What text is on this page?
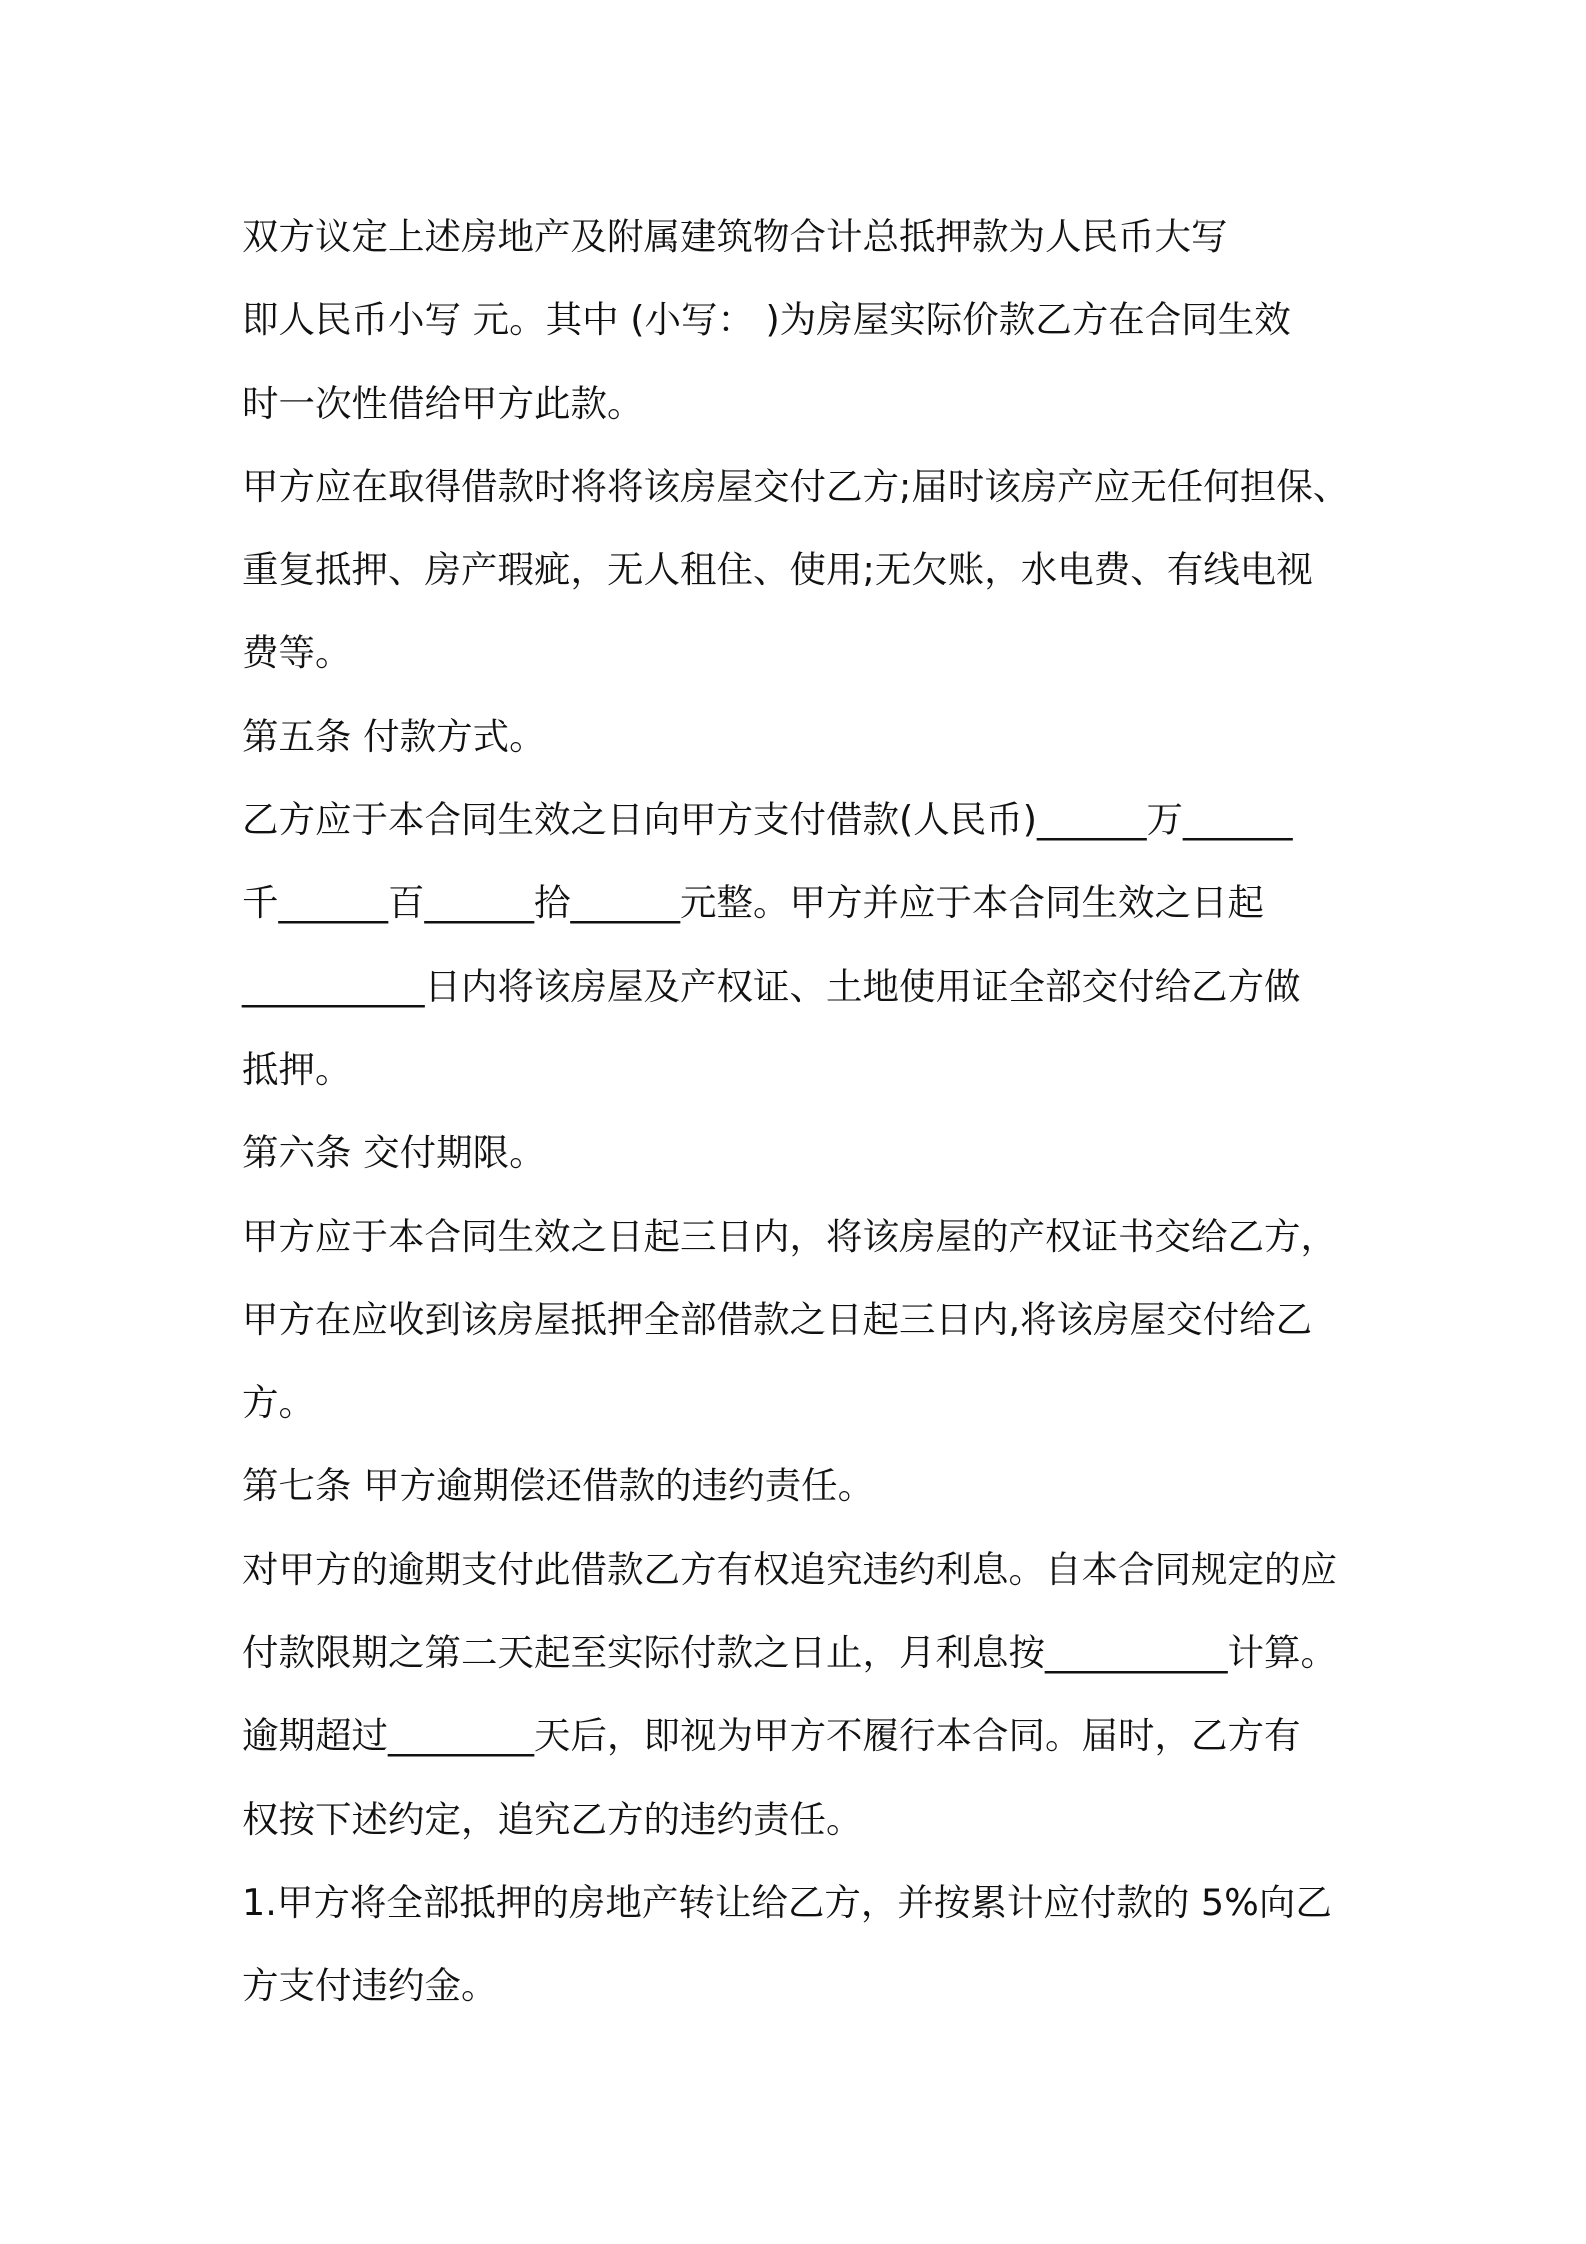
双方议定上述房地产及附属建筑物合计总抵押款为人民币大写
即人民币小写 元。其中 (小写： )为房屋实际价款乙方在合同生效
时一次性借给甲方此款。
甲方应在取得借款时将将该房屋交付乙方;届时该房产应无任何担保、
重复抵押、房产瑕疵，无人租住、使用;无欠账，水电费、有线电视
费等。
第五条 付款方式。
乙方应于本合同生效之日向甲方支付借款(人民币)______万______
千______百______拾______元整。甲方并应于本合同生效之日起
__________日内将该房屋及产权证、土地使用证全部交付给乙方做
抵押。
第六条 交付期限。
甲方应于本合同生效之日起三日内，将该房屋的产权证书交给乙方，
甲方在应收到该房屋抵押全部借款之日起三日内,将该房屋交付给乙
方。
第七条 甲方逾期偿还借款的违约责任。
对甲方的逾期支付此借款乙方有权追究违约利息。自本合同规定的应
付款限期之第二天起至实际付款之日止，月利息按__________计算。
逾期超过________天后，即视为甲方不履行本合同。届时，乙方有
权按下述约定，追究乙方的违约责任。
1.甲方将全部抵押的房地产转让给乙方，并按累计应付款的 5%向乙
方支付违约金。
